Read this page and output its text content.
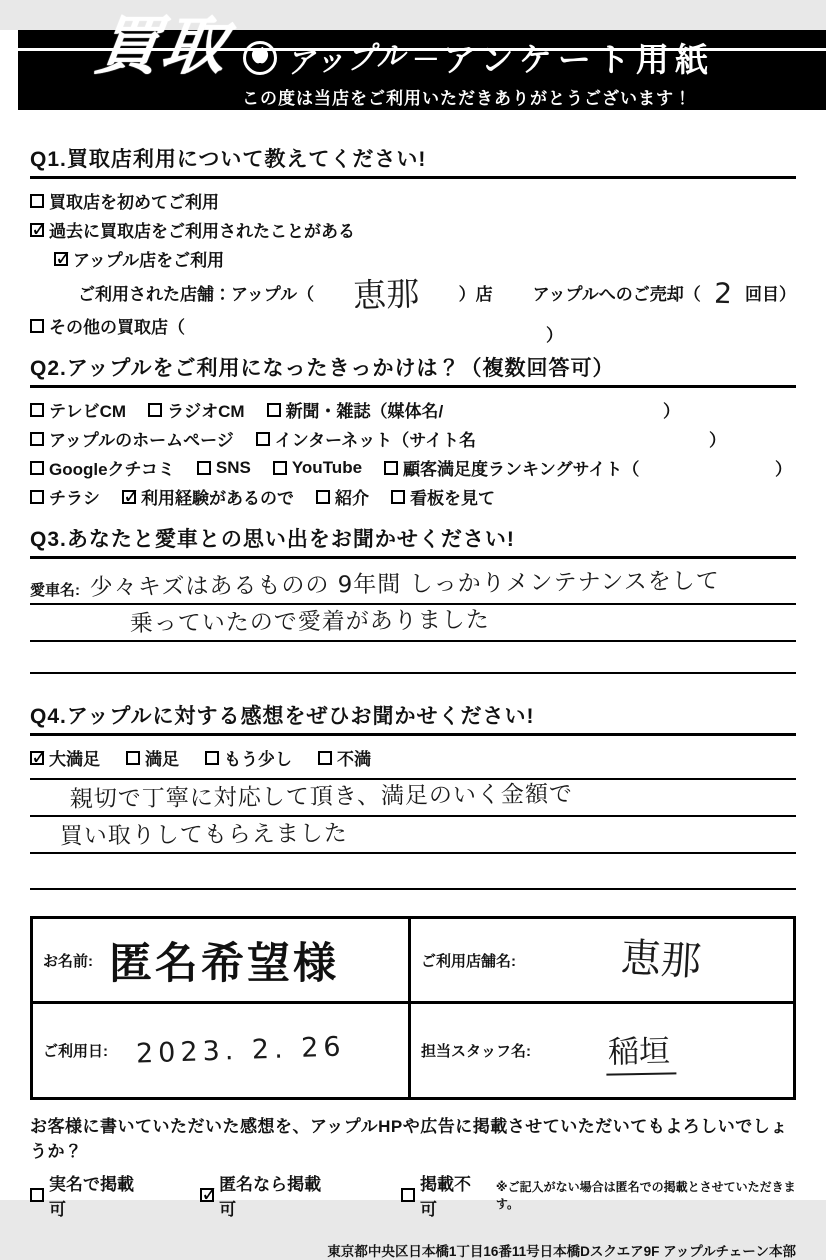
買取 アップル — アンケート用紙
この度は当店をご利用いただきありがとうございます！
Q1.買取店利用について教えてください!
買取店を初めてご利用
✓ 過去に買取店をご利用されたことがある
✓ アップル店をご利用
ご利用された店舗：アップル（	恵那	）店 アップルへのご売却（ 2 回目）
その他の買取店（	）
Q2.アップルをご利用になったきっかけは？（複数回答可）
テレビCM ラジオCM 新聞・雑誌（媒体名/	）
アップルのホームページ インターネット（サイト名	）
Googleクチコミ SNS YouTube 顧客満足度ランキングサイト（	）
チラシ ✓ 利用経験があるので 紹介 看板を見て
Q3.あなたと愛車との思い出をお聞かせください!
愛車名: 少々キズはあるものの 9年間 しっかりメンテナンスをして
乗っていたので愛着がありました
Q4.アップルに対する感想をぜひお聞かせください!
✓ 大満足	満足	もう少し	不満
親切で丁寧に対応して頂き、満足のいく金額で
買い取りしてもらえました
お名前: 匿名希望様	ご利用店舗名:	恵那
ご利用日: 2023. 2. 26	担当スタッフ名: 稲垣
お客様に書いていただいた感想を、アップルHPや広告に掲載させていただいてもよろしいでしょうか？
実名で掲載可
✓ 匿名なら掲載可
掲載不可
※ご記入がない場合は匿名での掲載とさせていただきます。
東京都中央区日本橋1丁目16番11号日本橋Dスクエア9F アップルチェーン本部
